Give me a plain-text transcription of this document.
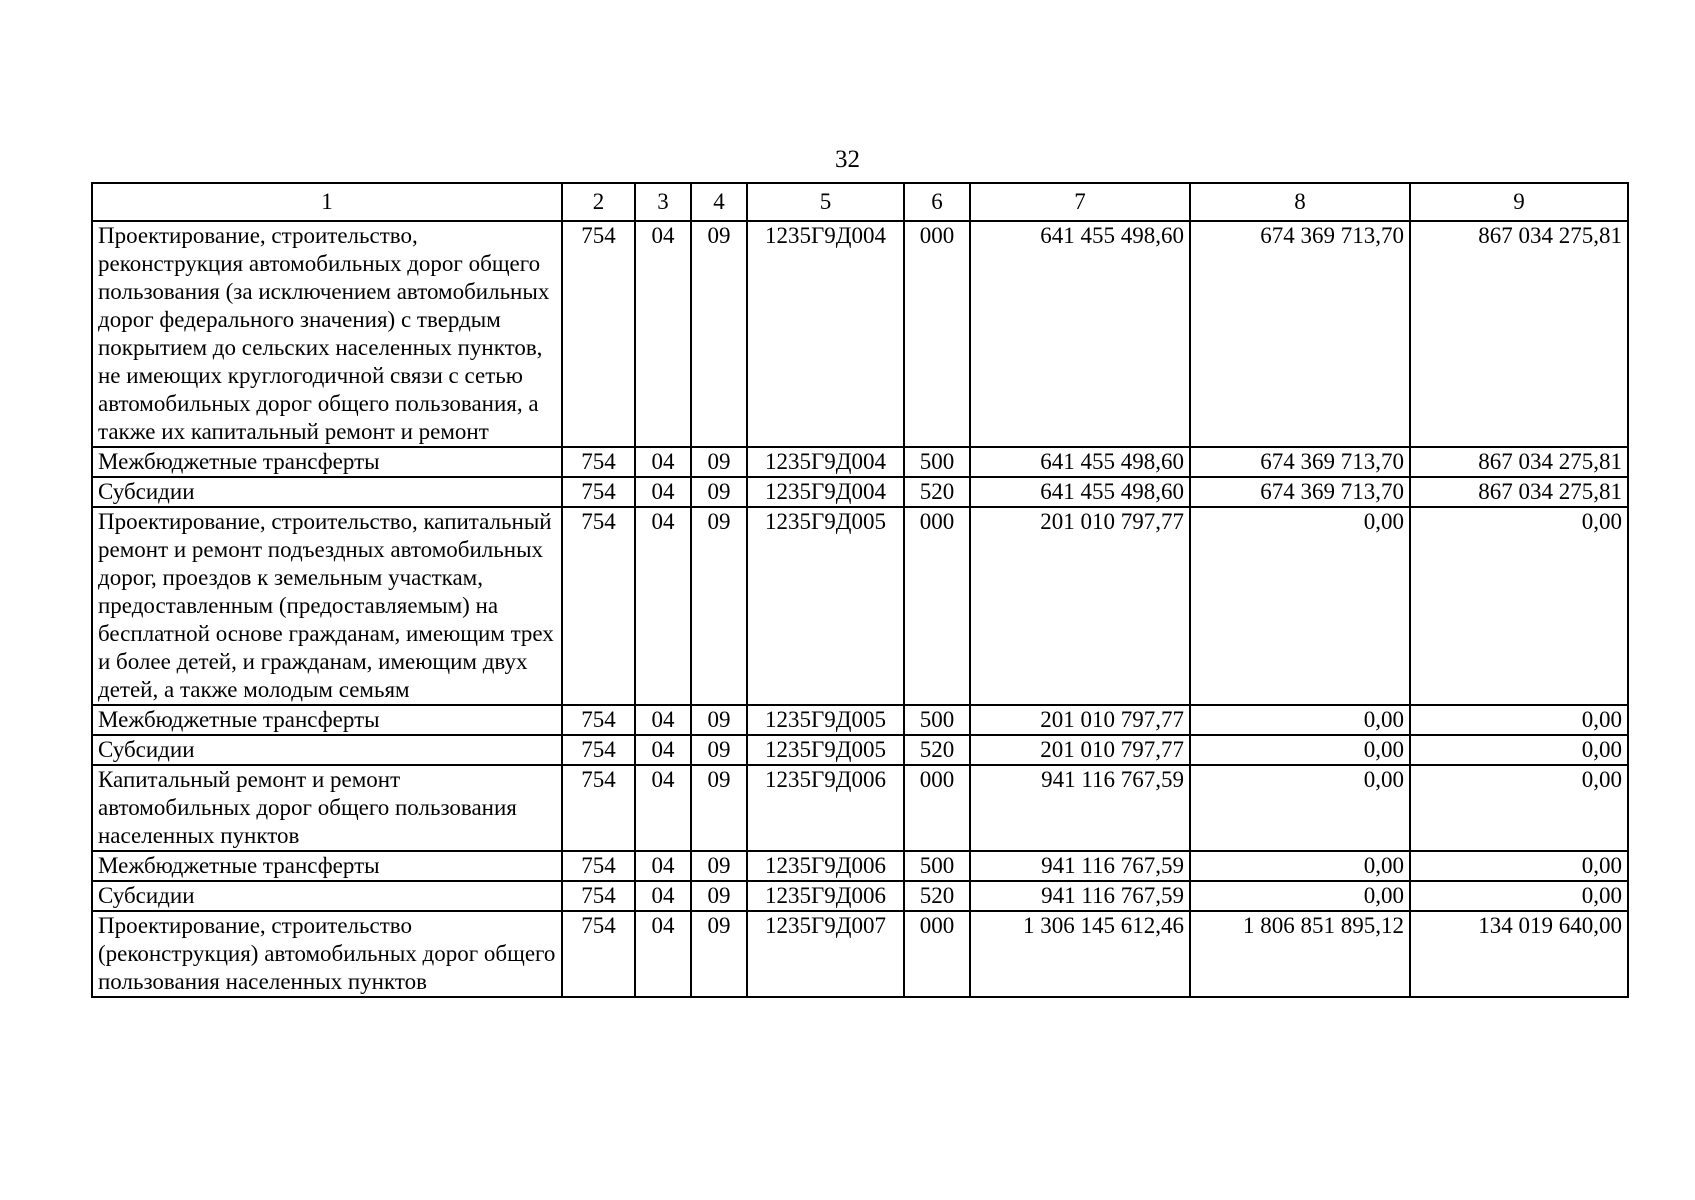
32
1	2	3	4	5	6	7	8	9
Проектирование, строительство, реконструкция автомобильных дорог общего пользования (за исключением автомобильных дорог федерального значения) с твердым покрытием до сельских населенных пунктов, не имеющих круглогодичной связи с сетью автомобильных дорог общего пользования, а также их капитальный ремонт и ремонт	754	04	09	1235Г9Д004	000	641 455 498,60	674 369 713,70	867 034 275,81
Межбюджетные трансферты	754	04	09	1235Г9Д004	500	641 455 498,60	674 369 713,70	867 034 275,81
Субсидии	754	04	09	1235Г9Д004	520	641 455 498,60	674 369 713,70	867 034 275,81
Проектирование, строительство, капитальный ремонт и ремонт подъездных автомобильных дорог, проездов к земельным участкам, предоставленным (предоставляемым) на бесплатной основе гражданам, имеющим трех и более детей, и гражданам, имеющим двух детей, а также молодым семьям	754	04	09	1235Г9Д005	000	201 010 797,77	0,00	0,00
Межбюджетные трансферты	754	04	09	1235Г9Д005	500	201 010 797,77	0,00	0,00
Субсидии	754	04	09	1235Г9Д005	520	201 010 797,77	0,00	0,00
Капитальный ремонт и ремонт автомобильных дорог общего пользования населенных пунктов	754	04	09	1235Г9Д006	000	941 116 767,59	0,00	0,00
Межбюджетные трансферты	754	04	09	1235Г9Д006	500	941 116 767,59	0,00	0,00
Субсидии	754	04	09	1235Г9Д006	520	941 116 767,59	0,00	0,00
Проектирование, строительство (реконструкция) автомобильных дорог общего пользования населенных пунктов	754	04	09	1235Г9Д007	000	1 306 145 612,46	1 806 851 895,12	134 019 640,00
